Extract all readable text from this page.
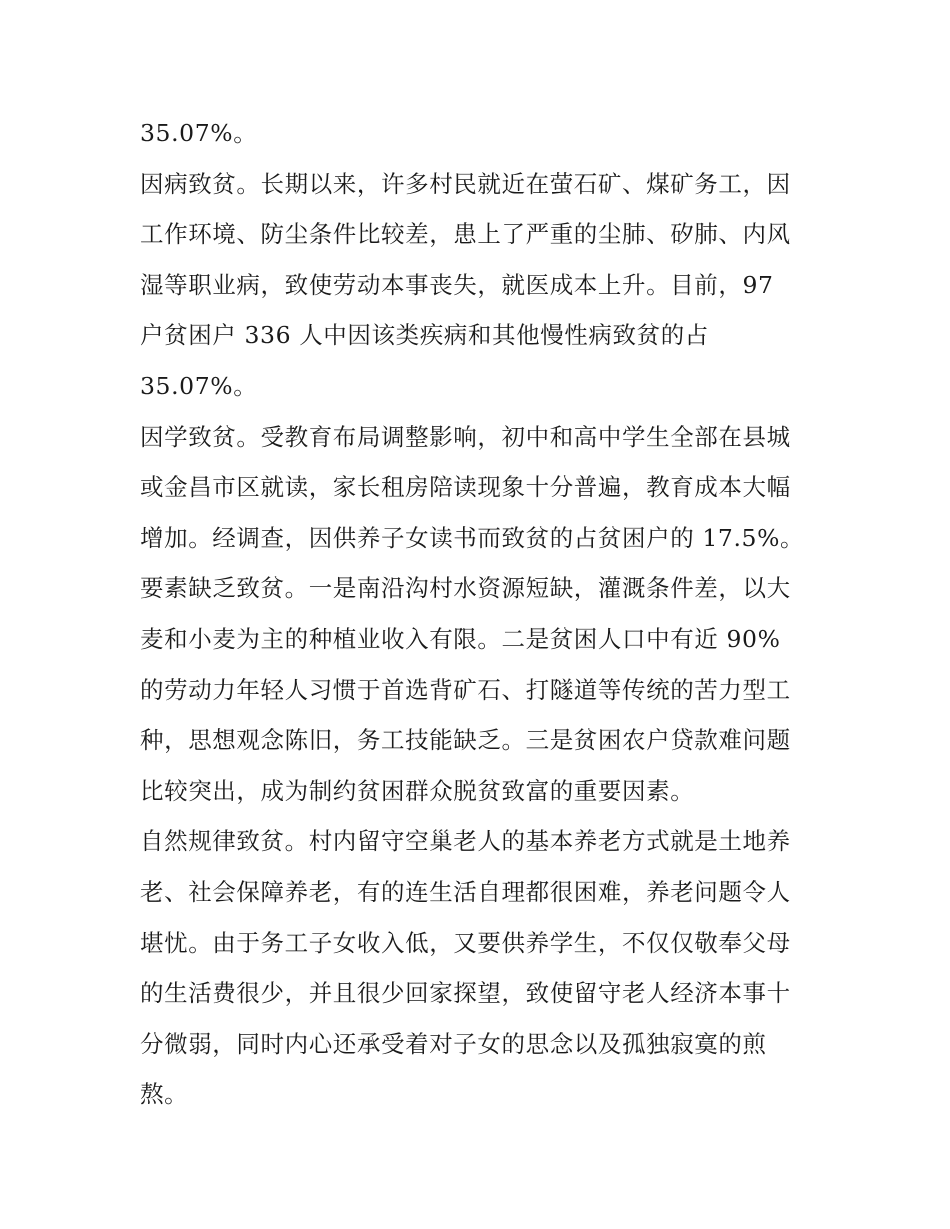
35.07%。
因病致贫。长期以来，许多村民就近在萤石矿、煤矿务工，因
工作环境、防尘条件比较差，患上了严重的尘肺、矽肺、内风
湿等职业病，致使劳动本事丧失，就医成本上升。目前，97
户贫困户 336 人中因该类疾病和其他慢性病致贫的占
35.07%。
因学致贫。受教育布局调整影响，初中和高中学生全部在县城
或金昌市区就读，家长租房陪读现象十分普遍，教育成本大幅
增加。经调查，因供养子女读书而致贫的占贫困户的 17.5%。
要素缺乏致贫。一是南沿沟村水资源短缺，灌溉条件差，以大
麦和小麦为主的种植业收入有限。二是贫困人口中有近 90%
的劳动力年轻人习惯于首选背矿石、打隧道等传统的苦力型工
种，思想观念陈旧，务工技能缺乏。三是贫困农户贷款难问题
比较突出，成为制约贫困群众脱贫致富的重要因素。
自然规律致贫。村内留守空巢老人的基本养老方式就是土地养
老、社会保障养老，有的连生活自理都很困难，养老问题令人
堪忧。由于务工子女收入低，又要供养学生，不仅仅敬奉父母
的生活费很少，并且很少回家探望，致使留守老人经济本事十
分微弱，同时内心还承受着对子女的思念以及孤独寂寞的煎
熬。
